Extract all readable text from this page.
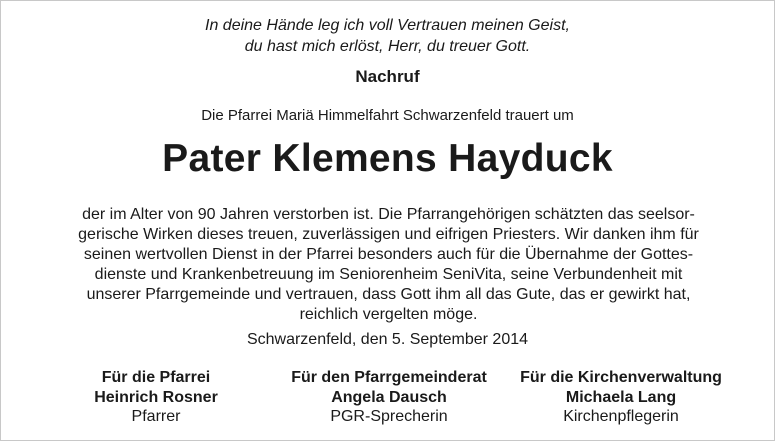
In deine Hände leg ich voll Vertrauen meinen Geist,
du hast mich erlöst, Herr, du treuer Gott.
Nachruf
Die Pfarrei Mariä Himmelfahrt Schwarzenfeld trauert um
Pater Klemens Hayduck
der im Alter von 90 Jahren verstorben ist. Die Pfarrangehörigen schätzten das seelsor-
gerische Wirken dieses treuen, zuverlässigen und eifrigen Priesters. Wir danken ihm für
seinen wertvollen Dienst in der Pfarrei besonders auch für die Übernahme der Gottes-
dienste und Krankenbetreuung im Seniorenheim SeniVita, seine Verbundenheit mit
unserer Pfarrgemeinde und vertrauen, dass Gott ihm all das Gute, das er gewirkt hat,
reichlich vergelten möge.
Schwarzenfeld, den 5. September 2014
Für die Pfarrei
Heinrich Rosner
Pfarrer
Für den Pfarrgemeinderat
Angela Dausch
PGR-Sprecherin
Für die Kirchenverwaltung
Michaela Lang
Kirchenpflegerin
